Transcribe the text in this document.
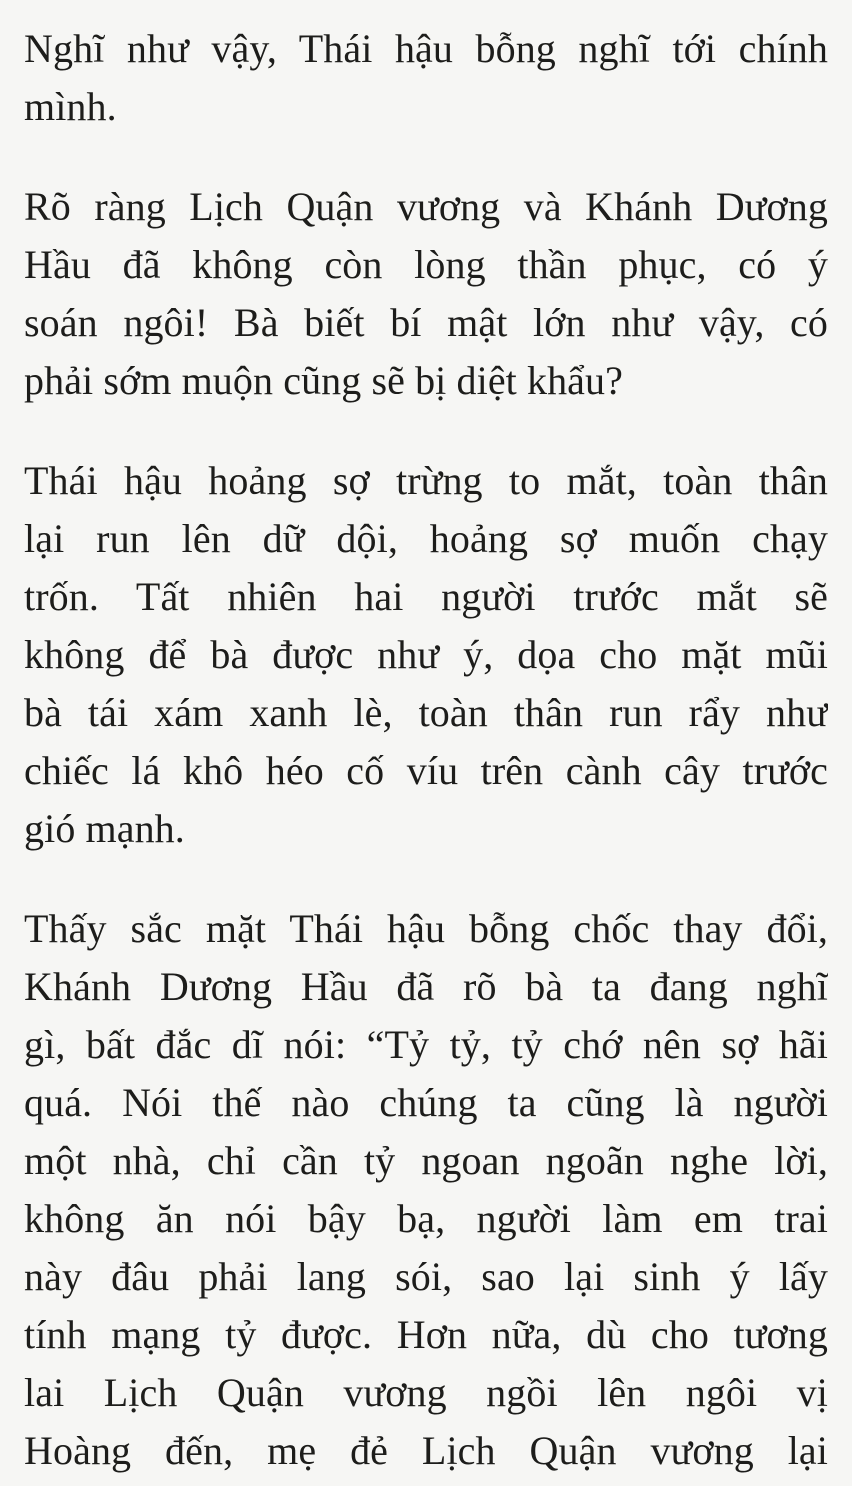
Nghĩ như vậy, Thái hậu bỗng nghĩ tới chính
mình.
Rõ ràng Lịch Quận vương và Khánh Dương
Hầu đã không còn lòng thần phục, có ý
soán ngôi! Bà biết bí mật lớn như vậy, có
phải sớm muộn cũng sẽ bị diệt khẩu?
Thái hậu hoảng sợ trừng to mắt, toàn thân
lại run lên dữ dội, hoảng sợ muốn chạy
trốn. Tất nhiên hai người trước mắt sẽ
không để bà được như ý, dọa cho mặt mũi
bà tái xám xanh lè, toàn thân run rẩy như
chiếc lá khô héo cố víu trên cành cây trước
gió mạnh.
Thấy sắc mặt Thái hậu bỗng chốc thay đổi,
Khánh Dương Hầu đã rõ bà ta đang nghĩ
gì, bất đắc dĩ nói: “Tỷ tỷ, tỷ chớ nên sợ hãi
quá. Nói thế nào chúng ta cũng là người
một nhà, chỉ cần tỷ ngoan ngoãn nghe lời,
không ăn nói bậy bạ, người làm em trai
này đâu phải lang sói, sao lại sinh ý lấy
tính mạng tỷ được. Hơn nữa, dù cho tương
lai Lịch Quận vương ngồi lên ngôi vị
Hoàng đến, mẹ đẻ Lịch Quận vương lại
